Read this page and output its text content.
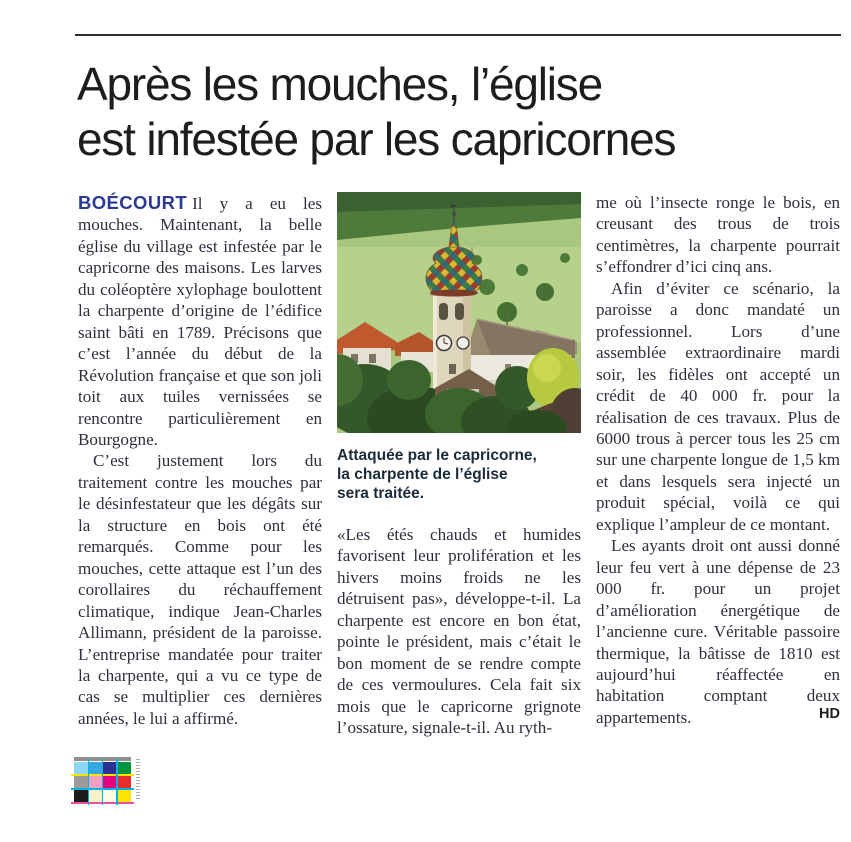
Après les mouches, l’église
est infestée par les capricornes

BOÉCOURT Il y a eu les mouches. Maintenant, la belle église du village est infestée par le capricorne des maisons. Les larves du coléoptère xylophage boulottent la charpente d’origine de l’édifice saint bâti en 1789. Précisons que c’est l’année du début de la Révolution française et que son joli toit aux tuiles vernissées se rencontre particulièrement en Bourgogne.

C’est justement lors du traitement contre les mouches par le désinfestateur que les dégâts sur la structure en bois ont été remarqués. Comme pour les mouches, cette attaque est l’un des corollaires du réchauffement climatique, indique Jean-Charles Allimann, président de la paroisse. L’entreprise mandatée pour traiter la charpente, qui a vu ce type de cas se multiplier ces dernières années, le lui a affirmé.

Attaquée par le capricorne,
la charpente de l’église
sera traitée.

«Les étés chauds et humides favorisent leur prolifération et les hivers moins froids ne les détruisent pas», développe-t-il. La charpente est encore en bon état, pointe le président, mais c’était le bon moment de se rendre compte de ces vermoulures. Cela fait six mois que le capricorne grignote l’ossature, signale-t-il. Au ryth-

me où l’insecte ronge le bois, en creusant des trous de trois centimètres, la charpente pourrait s’effondrer d’ici cinq ans.

Afin d’éviter ce scénario, la paroisse a donc mandaté un professionnel. Lors d’une assemblée extraordinaire mardi soir, les fidèles ont accepté un crédit de 40 000 fr. pour la réalisation de ces travaux. Plus de 6000 trous à percer tous les 25 cm sur une charpente longue de 1,5 km et dans lesquels sera injecté un produit spécial, voilà ce qui explique l’ampleur de ce montant.

Les ayants droit ont aussi donné leur feu vert à une dépense de 23 000 fr. pour un projet d’amélioration énergétique de l’ancienne cure. Véritable passoire thermique, la bâtisse de 1810 est aujourd’hui réaffectée en habitation comptant deux appartements.	HD
